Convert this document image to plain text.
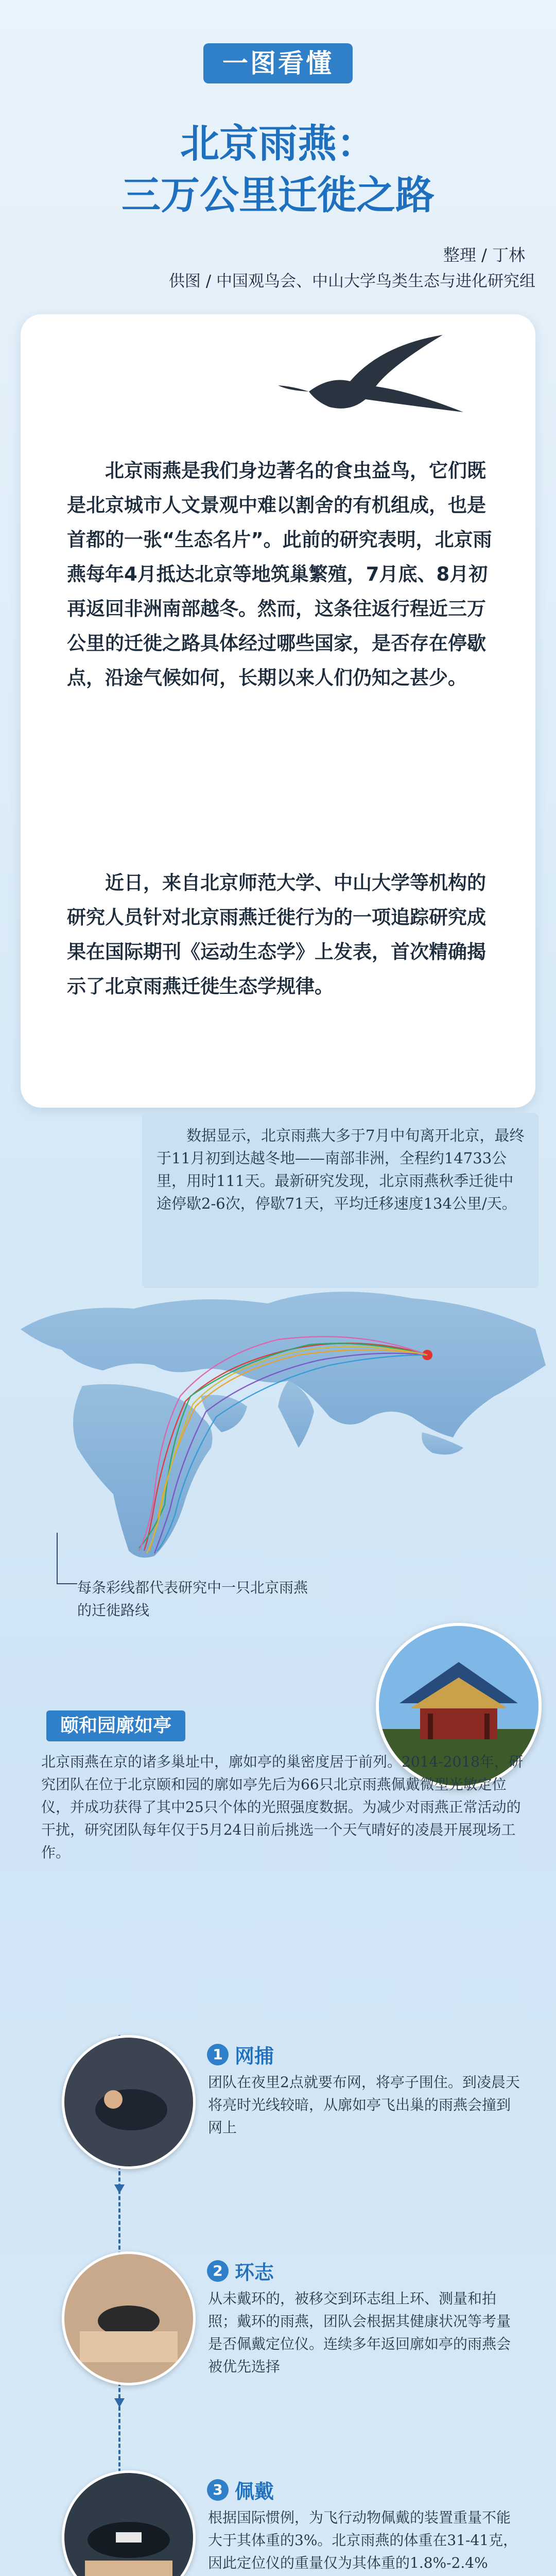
一图看懂
北京雨燕：
三万公里迁徙之路
整理 / 丁林
供图 / 中国观鸟会、中山大学鸟类生态与进化研究组

北京雨燕是我们身边著名的食虫益鸟，它们既是北京城市人文景观中难以割舍的有机组成，也是首都的一张“生态名片”。此前的研究表明，北京雨燕每年4月抵达北京等地筑巢繁殖，7月底、8月初再返回非洲南部越冬。然而，这条往返行程近三万公里的迁徙之路具体经过哪些国家，是否存在停歇点，沿途气候如何，长期以来人们仍知之甚少。

近日，来自北京师范大学、中山大学等机构的研究人员针对北京雨燕迁徙行为的一项追踪研究成果在国际期刊《运动生态学》上发表，首次精确揭示了北京雨燕迁徙生态学规律。

数据显示，北京雨燕大多于7月中旬离开北京，最终于11月初到达越冬地——南部非洲，全程约14733公里，用时111天。最新研究发现，北京雨燕秋季迁徙中途停歇2-6次，停歇71天，平均迁移速度134公里/天。

每条彩线都代表研究中一只北京雨燕的迁徙路线
颐和园廓如亭

北京雨燕在京的诸多巢址中，廓如亭的巢密度居于前列。2014-2018年，研究团队在位于北京颐和园的廓如亭先后为66只北京雨燕佩戴微型光敏定位仪，并成功获得了其中25只个体的光照强度数据。为减少对雨燕正常活动的干扰，研究团队每年仅于5月24日前后挑选一个天气晴好的凌晨开展现场工作。

1 网捕

团队在夜里2点就要布网，将亭子围住。到凌晨天将亮时光线较暗，从廓如亭飞出巢的雨燕会撞到网上

2 环志

从未戴环的，被移交到环志组上环、测量和拍照；戴环的雨燕，团队会根据其健康状况等考量是否佩戴定位仪。连续多年返回廓如亭的雨燕会被优先选择

3 佩戴

根据国际惯例，为飞行动物佩戴的装置重量不能大于其体重的3%。北京雨燕的体重在31-41克，因此定位仪的重量仅为其体重的1.8%-2.4%
